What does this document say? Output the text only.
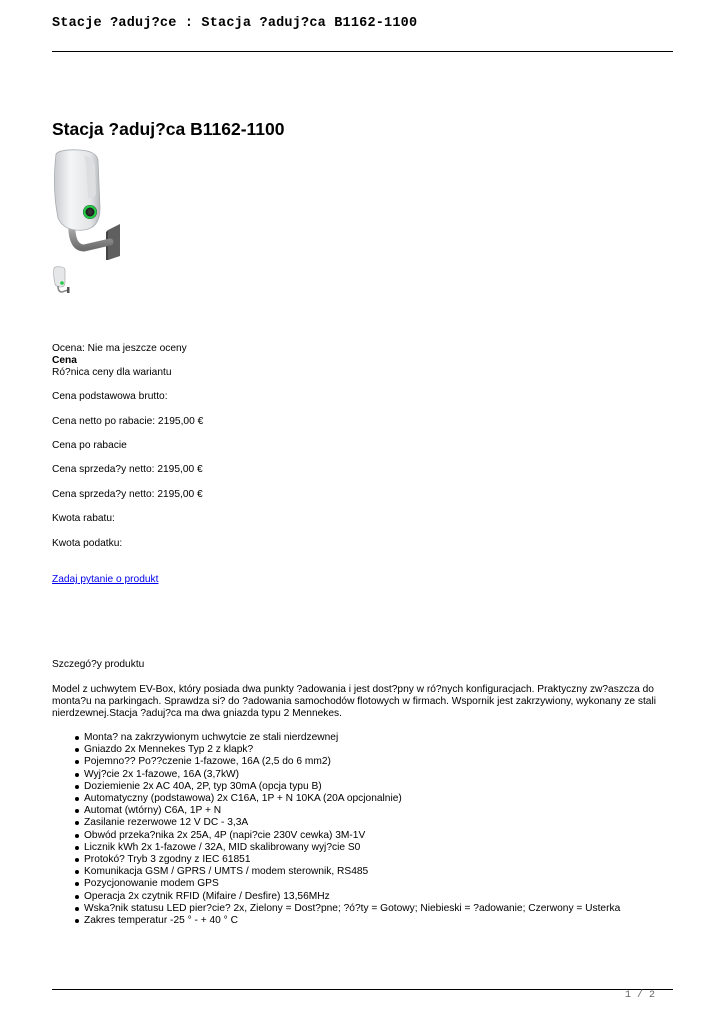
Stacje ?aduj?ce : Stacja ?aduj?ca B1162-1100
Stacja ?aduj?ca B1162-1100
Ocena: Nie ma jeszcze oceny
Cena
Ró?nica ceny dla wariantu
Cena podstawowa brutto:
Cena netto po rabacie: 2195,00 €
Cena po rabacie
Cena sprzeda?y netto: 2195,00 €
Cena sprzeda?y netto: 2195,00 €
Kwota rabatu:
Kwota podatku:
Zadaj pytanie o produkt
Szczegó?y produktu

Model z uchwytem EV-Box, który posiada dwa punkty ?adowania i jest dost?pny w ró?nych konfiguracjach. Praktyczny zw?aszcza do monta?u na parkingach. Sprawdza si? do ?adowania samochodów flotowych w firmach. Wspornik jest zakrzywiony, wykonany ze stali nierdzewnej.Stacja ?aduj?ca ma dwa gniazda typu 2 Mennekes.

Monta? na zakrzywionym uchwytcie ze stali nierdzewnej
Gniazdo 2x Mennekes Typ 2 z klapk?
Pojemno?? Po??czenie 1-fazowe, 16A (2,5 do 6 mm2)
Wyj?cie 2x 1-fazowe, 16A (3,7kW)
Doziemienie 2x AC 40A, 2P, typ 30mA (opcja typu B)
Automatyczny (podstawowa) 2x C16A, 1P + N 10KA (20A opcjonalnie)
Automat (wtórny) C6A, 1P + N
Zasilanie rezerwowe 12 V DC - 3,3A
Obwód przeka?nika 2x 25A, 4P (napi?cie 230V cewka) 3M-1V
Licznik kWh 2x 1-fazowe / 32A, MID skalibrowany wyj?cie S0
Protokó? Tryb 3 zgodny z IEC 61851
Komunikacja GSM / GPRS / UMTS / modem sterownik, RS485
Pozycjonowanie modem GPS
Operacja 2x czytnik RFID (Mifaire / Desfire) 13,56MHz
Wska?nik statusu LED pier?cie? 2x, Zielony = Dost?pne; ?ó?ty = Gotowy; Niebieski = ?adowanie; Czerwony = Usterka
Zakres temperatur -25 ° - + 40 ° C
1 / 2
